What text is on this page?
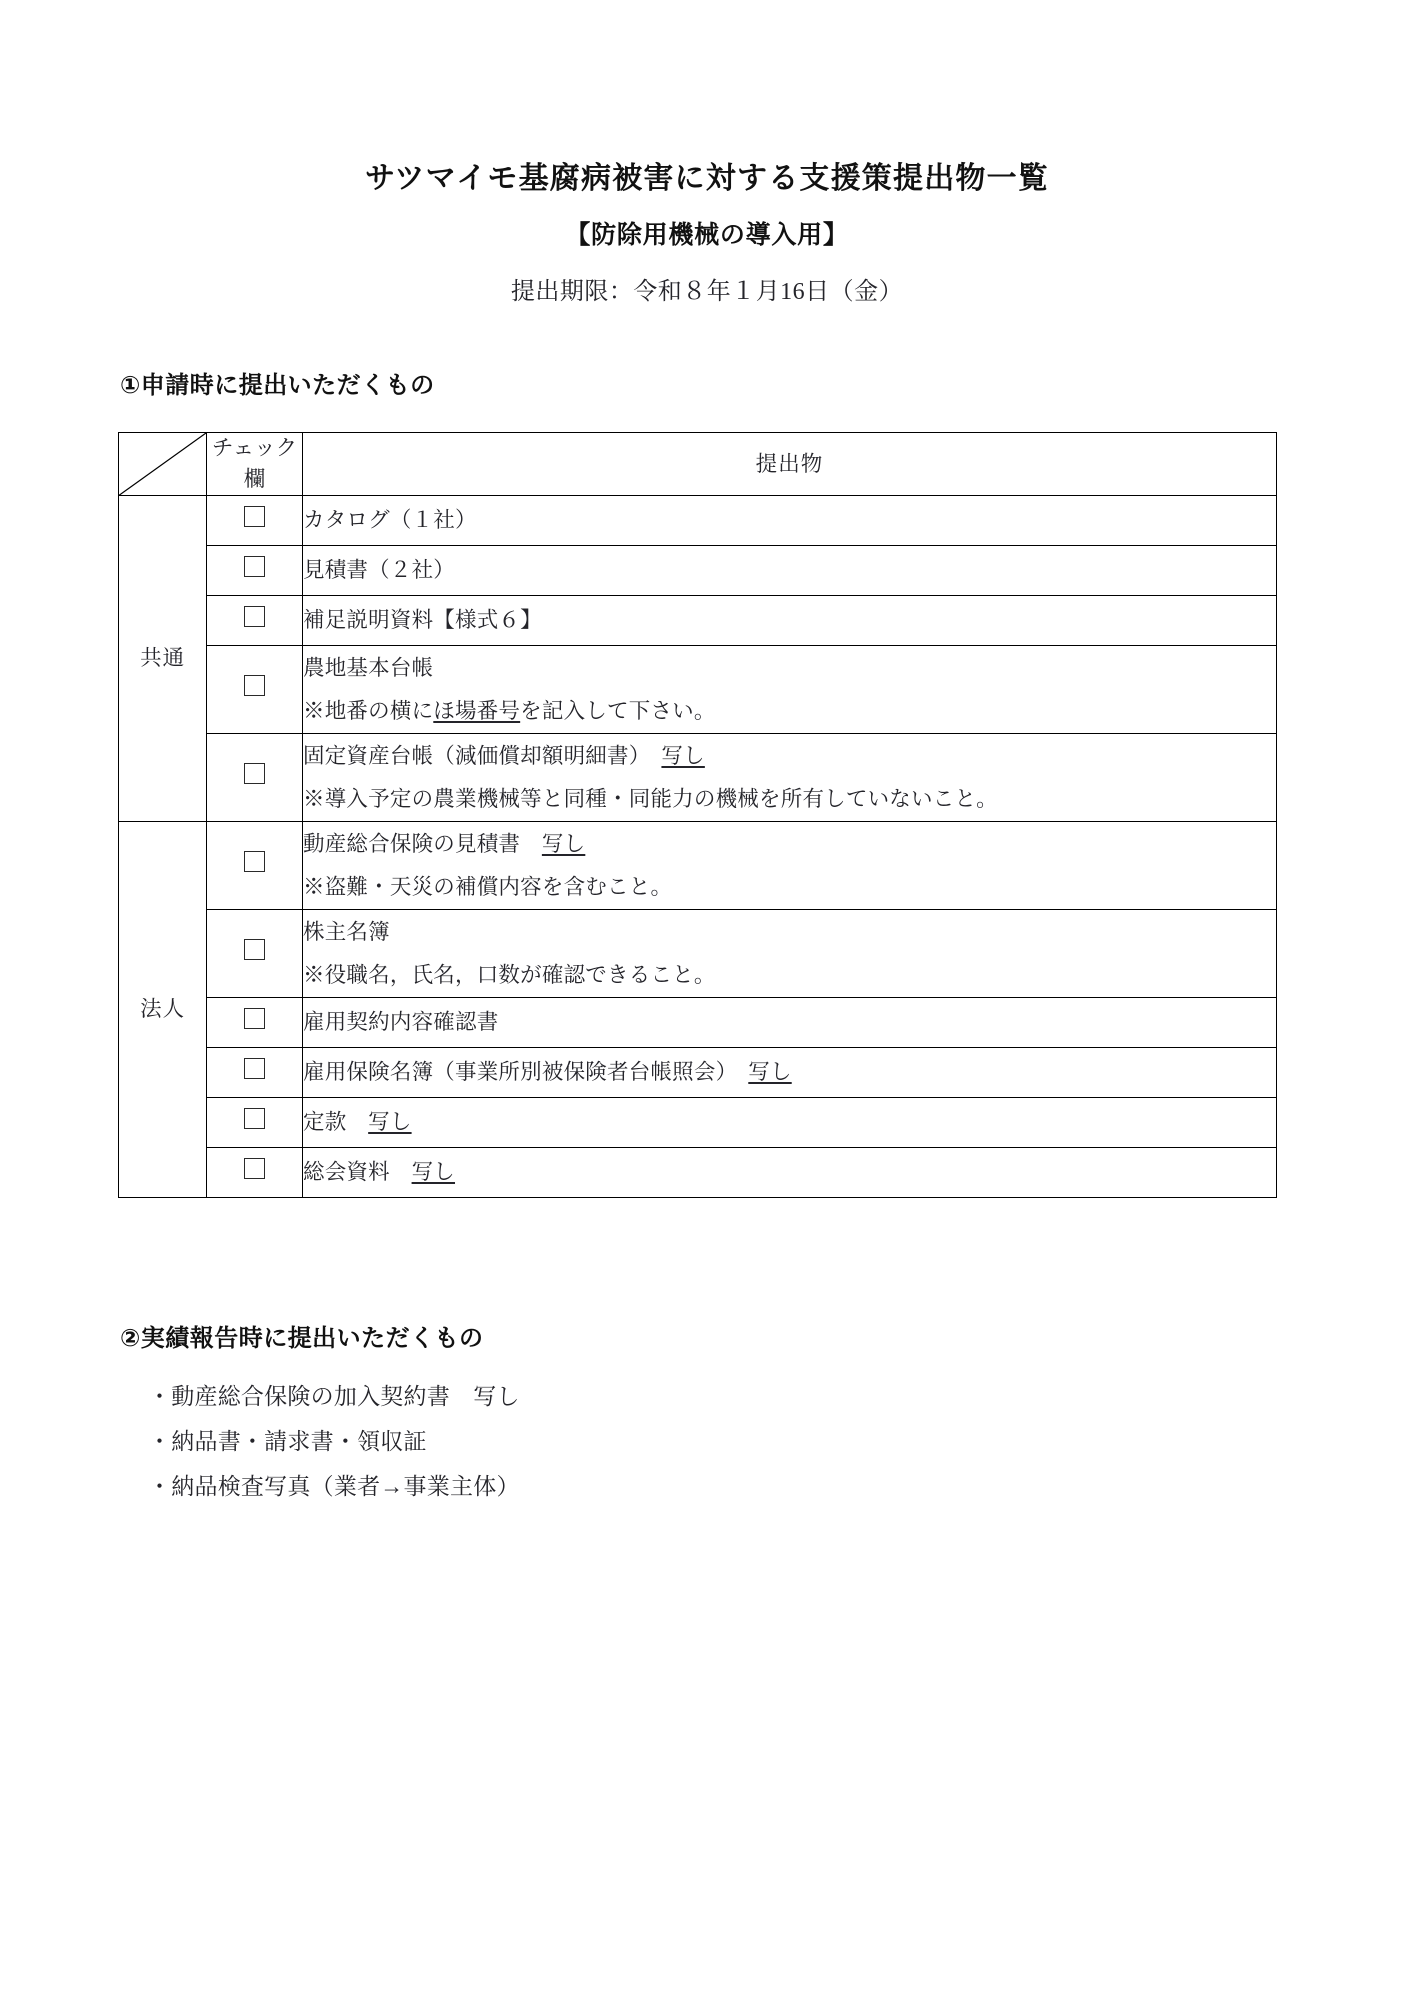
サツマイモ基腐病被害に対する支援策提出物一覧
【防除用機械の導入用】

提出期限：令和８年１月16日（金）

①申請時に提出いただくもの
	チェック欄	提出物
共通		カタログ（１社）

		見積書（２社）

		補足説明資料【様式６】

		農地基本台帳
※地番の横にほ場番号を記入して下さい。

		固定資産台帳（減価償却額明細書）　写し
※導入予定の農業機械等と同種・同能力の機械を所有していないこと。

法人		動産総合保険の見積書　写し
※盗難・天災の補償内容を含むこと。

		株主名簿
※役職名，氏名，口数が確認できること。

		雇用契約内容確認書

		雇用保険名簿（事業所別被保険者台帳照会）　写し

		定款　写し

		総会資料　写し
②実績報告時に提出いただくもの
・動産総合保険の加入契約書　写し
・納品書・請求書・領収証
・納品検査写真（業者→事業主体）
